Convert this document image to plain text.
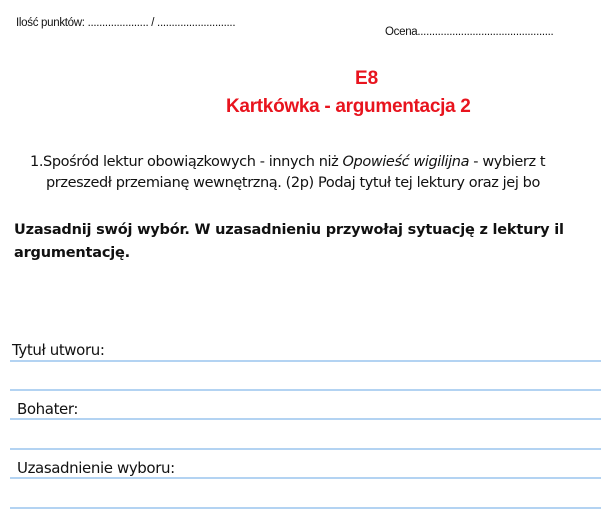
Ilość punktów: ..................... / ...........................
Ocena...............................................
E8
Kartkówka - argumentacja 2
1.Spośród lektur obowiązkowych - innych niż Opowieść wigilijna - wybierz t
przeszedł przemianę wewnętrzną. (2p) Podaj tytuł tej lektury oraz jej bo
Uzasadnij swój wybór. W uzasadnieniu przywołaj sytuację z lektury il
argumentację.
Tytuł utworu:
Bohater:
Uzasadnienie wyboru:
